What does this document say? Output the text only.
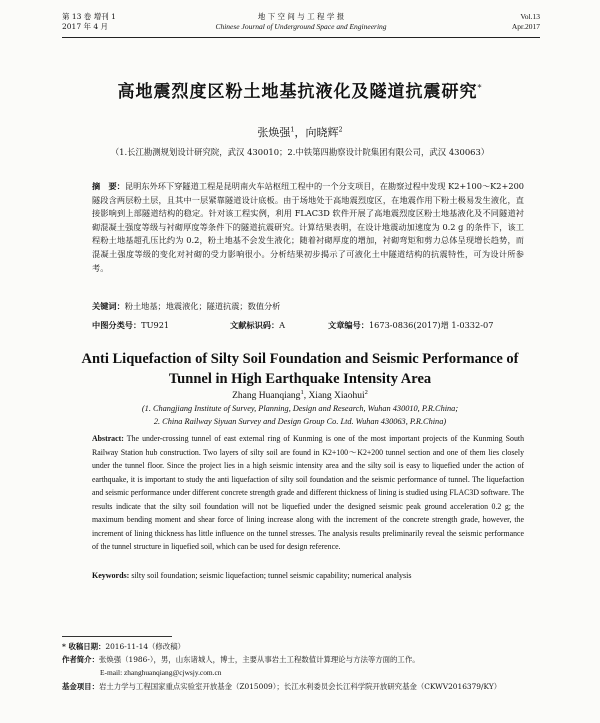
第 13 卷 增刊 1
2017 年 4 月
地 下 空 间 与 工 程 学 报
Chinese Journal of Underground Space and Engineering
Vol.13
Apr.2017
高地震烈度区粉土地基抗液化及隧道抗震研究*
张焕强$^1$，向晓辉$^2$
（1.长江勘测规划设计研究院，武汉 430010；2.中铁第四勘察设计院集团有限公司，武汉 430063）
摘　要：昆明东外环下穿隧道工程是昆明南火车站枢纽工程中的一个分支项目，在勘察过程中发现 K2+100～K2+200 隧段含两层粉土层，且其中一层紧靠隧道设计底板。由于场地处于高地震烈度区，在地震作用下粉土极易发生液化，直接影响到上部隧道结构的稳定。针对该工程实例，利用 FLAC3D 软件开展了高地震烈度区粉土地基液化及不同隧道衬砌混凝土强度等级与衬砌厚度等条件下的隧道抗震研究。计算结果表明，在设计地震动加速度为 0.2 g 的条件下，该工程粉土地基超孔压比约为 0.2，粉土地基不会发生液化；随着衬砌厚度的增加，衬砌弯矩和剪力总体呈现增长趋势，而混凝土强度等级的变化对衬砌的受力影响很小。分析结果初步揭示了可液化土中隧道结构的抗震特性，可为设计所参考。
关键词：粉土地基；地震液化；隧道抗震；数值分析
中图分类号：TU921	文献标识码：A	文章编号：1673-0836(2017)增 1-0332-07
Anti Liquefaction of Silty Soil Foundation and Seismic Performance of
Tunnel in High Earthquake Intensity Area
Zhang Huanqiang$^1$, Xiang Xiaohui$^2$
(1. Changjiang Institute of Survey, Planning, Design and Research, Wuhan 430010, P.R.China;
2. China Railway Siyuan Survey and Design Group Co. Ltd. Wuhan 430063, P.R.China)
Abstract: The under-crossing tunnel of east external ring of Kunming is one of the most important projects of the Kunming South Railway Station hub construction. Two layers of silty soil are found in K2+100～K2+200 tunnel section and one of them lies closely under the tunnel floor. Since the project lies in a high seismic intensity area and the silty soil is easy to liquefied under the action of earthquake, it is important to study the anti liquefaction of silty soil foundation and the seismic performance of tunnel. The liquefaction and seismic performance under different concrete strength grade and different thickness of lining is studied using FLAC3D software. The results indicate that the silty soil foundation will not be liquefied under the designed seismic peak ground acceleration 0.2 g; the maximum bending moment and shear force of lining increase along with the increment of the concrete strength grade, however, the increment of lining thickness has little influence on the tunnel stresses. The analysis results preliminarily reveal the seismic performance of the tunnel structure in liquefied soil, which can be used for design reference.
Keywords: silty soil foundation; seismic liquefaction; tunnel seismic capability; numerical analysis
* 收稿日期：2016-11-14（修改稿）
作者简介：张焕强（1986-），男，山东诸城人，博士，主要从事岩土工程数值计算理论与方法等方面的工作。
E-mail: zhanghuanqiang@cjwsjy.com.cn
基金项目：岩土力学与工程国家重点实验室开放基金（Z015009）；长江水利委员会长江科学院开放研究基金（CKWV2016379/KY）
